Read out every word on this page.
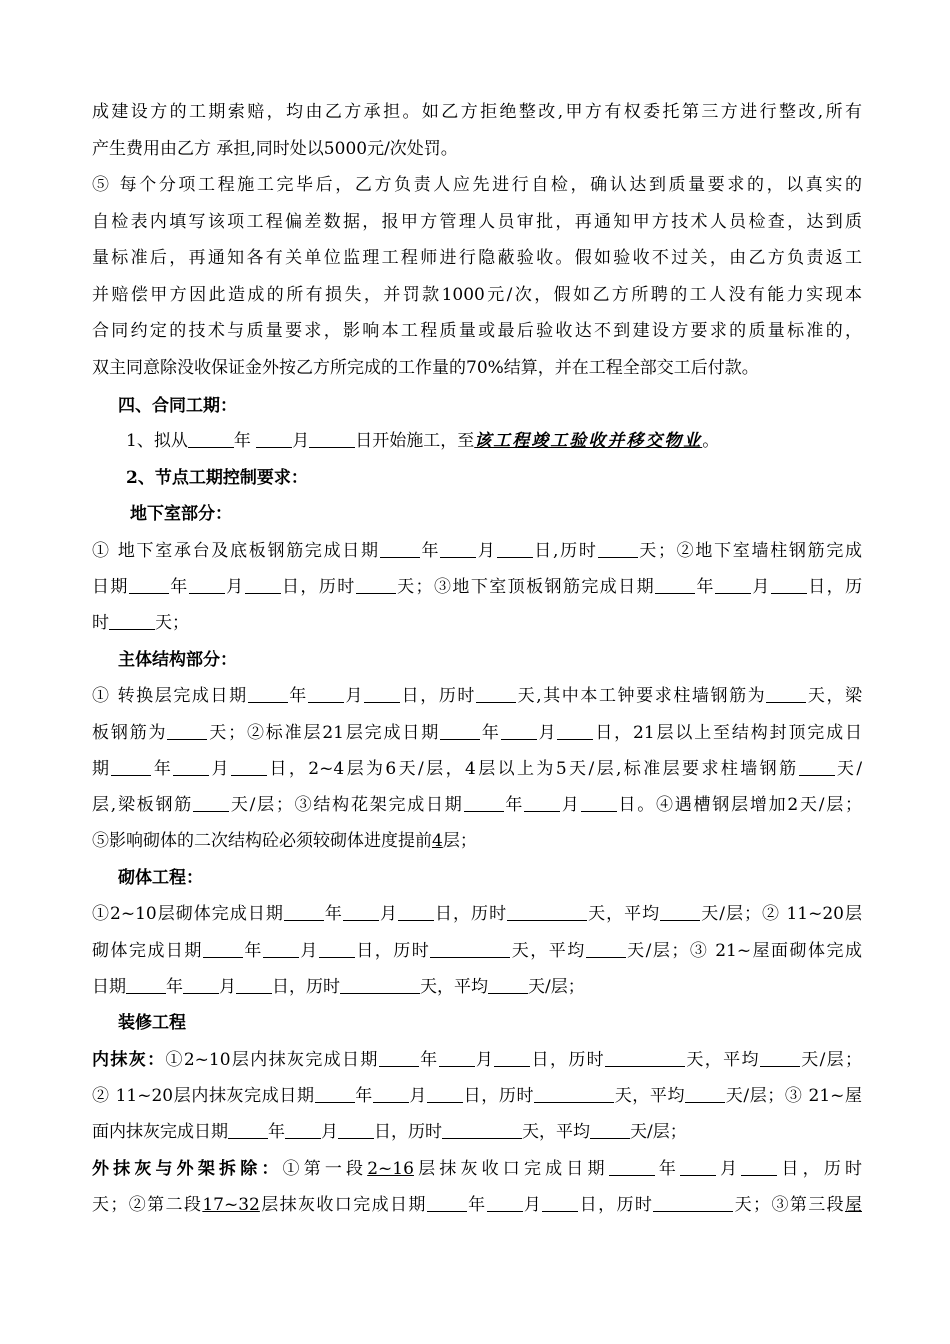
成建设方的工期索赔，均由乙方承担。如乙方拒绝整改,甲方有权委托第三方进行整改,所有
产生费用由乙方 承担,同时处以5000元/次处罚。
⑤ 每个分项工程施工完毕后，乙方负责人应先进行自检，确认达到质量要求的，以真实的
自检表内填写该项工程偏差数据，报甲方管理人员审批，再通知甲方技术人员检查，达到质
量标准后，再通知各有关单位监理工程师进行隐蔽验收。假如验收不过关，由乙方负责返工
并赔偿甲方因此造成的所有损失，并罚款1000元/次，假如乙方所聘的工人没有能力实现本
合同约定的技术与质量要求，影响本工程质量或最后验收达不到建设方要求的质量标准的，
双主同意除没收保证金外按乙方所完成的工作量的70%结算，并在工程全部交工后付款。
四、合同工期：
1、拟从	年 月	日开始施工，至该工程竣工验收并移交物业。
2、节点工期控制要求：
地下室部分：
① 地下室承台及底板钢筋完成日期 年 月 日,历时 天；②地下室墙柱钢筋完成
日期 年 月 日，历时 天；③地下室顶板钢筋完成日期 年 月 日，历
时	天；
主体结构部分：
① 转换层完成日期 年 月 日，历时 天,其中本工钟要求柱墙钢筋为 天，梁
板钢筋为 天；②标准层21层完成日期 年 月 日，21层以上至结构封顶完成日
期 年 月 日，2~4层为6天/层，4层以上为5天/层,标准层要求柱墙钢筋 天/
层,梁板钢筋 天/层；③结构花架完成日期 年 月 日。④遇槽钢层增加2天/层；
⑤影响砌体的二次结构砼必须较砌体进度提前4层；
砌体工程：
①2~10层砌体完成日期 年 月 日，历时	天，平均 天/层；② 11~20层
砌体完成日期 年 月 日，历时	天，平均 天/层；③ 21~屋面砌体完成
日期 年 月 日，历时	天，平均 天/层；
装修工程
内抹灰：①2~10层内抹灰完成日期 年 月 日，历时	天，平均 天/层；
② 11~20层内抹灰完成日期 年 月 日，历时	天，平均 天/层；③ 21~屋
面内抹灰完成日期 年 月 日，历时	天，平均 天/层；
外抹灰与外架拆除：①第一段2~16层抹灰收口完成日期	年 月 日，历时
天；②第二段17~32层抹灰收口完成日期 年 月 日，历时	天；③第三段屋
